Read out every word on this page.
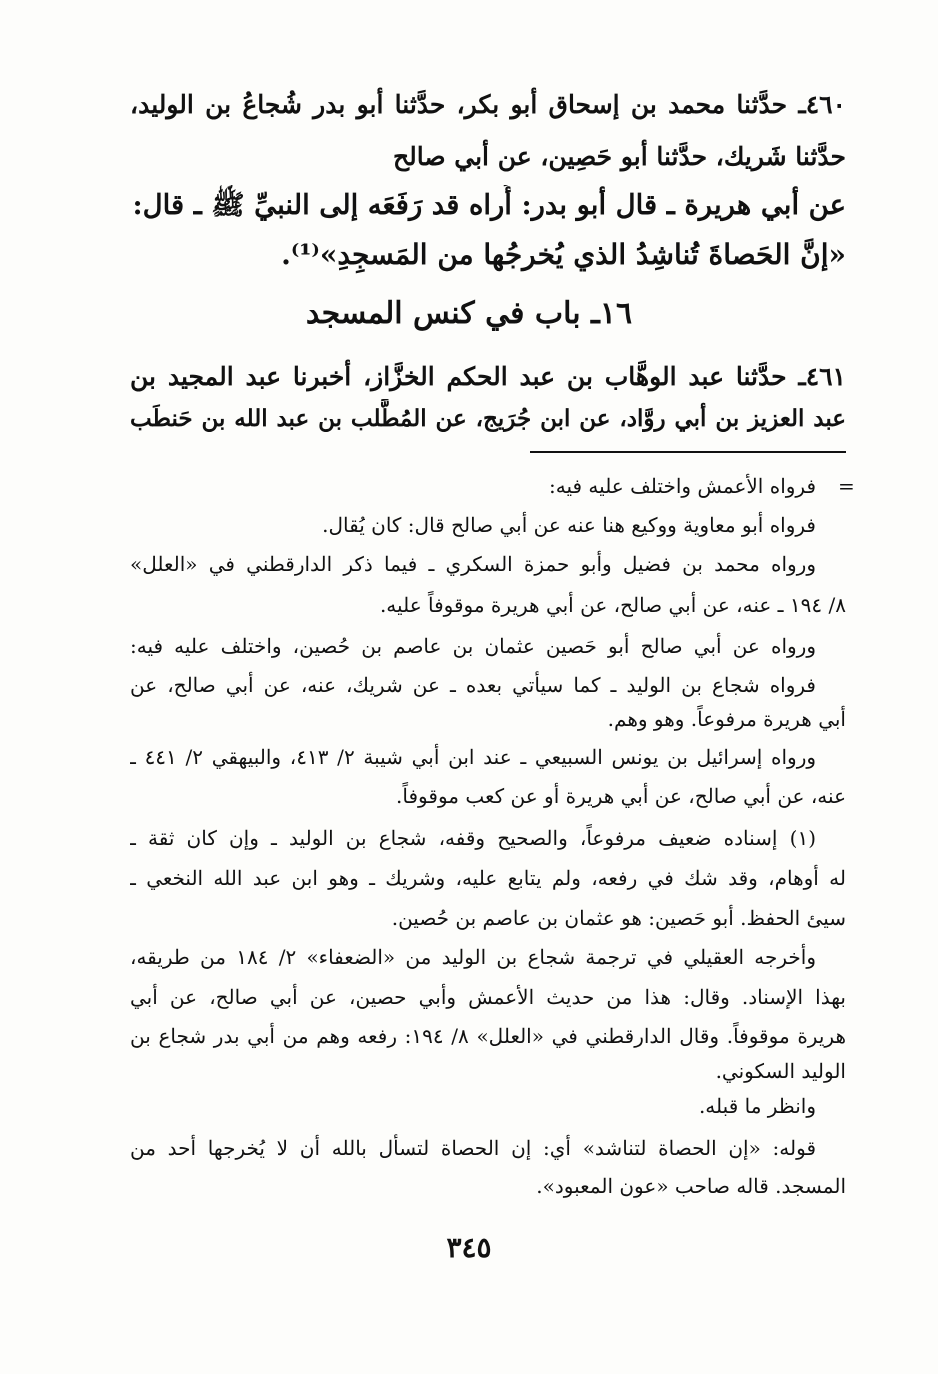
٤٦٠ـ حدَّثنا محمد بن إسحاق أبو بكر، حدَّثنا أبو بدر شُجاعُ بن الوليد،
حدَّثنا شَريك، حدَّثنا أبو حَصِين، عن أبي صالح
عن أبي هريرة ـ قال أبو بدر: أُراه قد رَفَعَه إلى النبيِّ ﷺ ـ قال:
«إنَّ الحَصاةَ تُناشِدُ الذي يُخرجُها من المَسجِدِ»⁽¹⁾.
١٦ـ باب في كنس المسجد
٤٦١ـ حدَّثنا عبد الوهَّاب بن عبد الحكم الخزَّاز، أخبرنا عبد المجيد بن
عبد العزيز بن أبي روَّاد، عن ابن جُرَيج، عن المُطَّلب بن عبد الله بن حَنطَب
=
فرواه الأعمش واختلف عليه فيه:
فرواه أبو معاوية ووكيع هنا عنه عن أبي صالح قال: كان يُقال.
ورواه محمد بن فضيل وأبو حمزة السكري ـ فيما ذكر الدارقطني في «العلل»
٨/ ١٩٤ ـ عنه، عن أبي صالح، عن أبي هريرة موقوفاً عليه.
ورواه عن أبي صالح أبو حَصين عثمان بن عاصم بن حُصين، واختلف عليه فيه:
فرواه شجاع بن الوليد ـ كما سيأتي بعده ـ عن شريك، عنه، عن أبي صالح، عن
أبي هريرة مرفوعاً. وهو وهم.
ورواه إسرائيل بن يونس السبيعي ـ عند ابن أبي شيبة ٢/ ٤١٣، والبيهقي ٢/ ٤٤١ ـ
عنه، عن أبي صالح، عن أبي هريرة أو عن كعب موقوفاً.
(١) إسناده ضعيف مرفوعاً، والصحيح وقفه، شجاع بن الوليد ـ وإن كان ثقة ـ
له أوهام، وقد شك في رفعه، ولم يتابع عليه، وشريك ـ وهو ابن عبد الله النخعي ـ
سيئ الحفظ. أبو حَصين: هو عثمان بن عاصم بن حُصين.
وأخرجه العقيلي في ترجمة شجاع بن الوليد من «الضعفاء» ٢/ ١٨٤ من طريقه،
بهذا الإسناد. وقال: هذا من حديث الأعمش وأبي حصين، عن أبي صالح، عن أبي
هريرة موقوفاً. وقال الدارقطني في «العلل» ٨/ ١٩٤: رفعه وهم من أبي بدر شجاع بن
الوليد السكوني.
وانظر ما قبله.
قوله: «إن الحصاة لتناشد» أي: إن الحصاة لتسأل بالله أن لا يُخرجها أحد من
المسجد. قاله صاحب «عون المعبود».
٣٤٥
